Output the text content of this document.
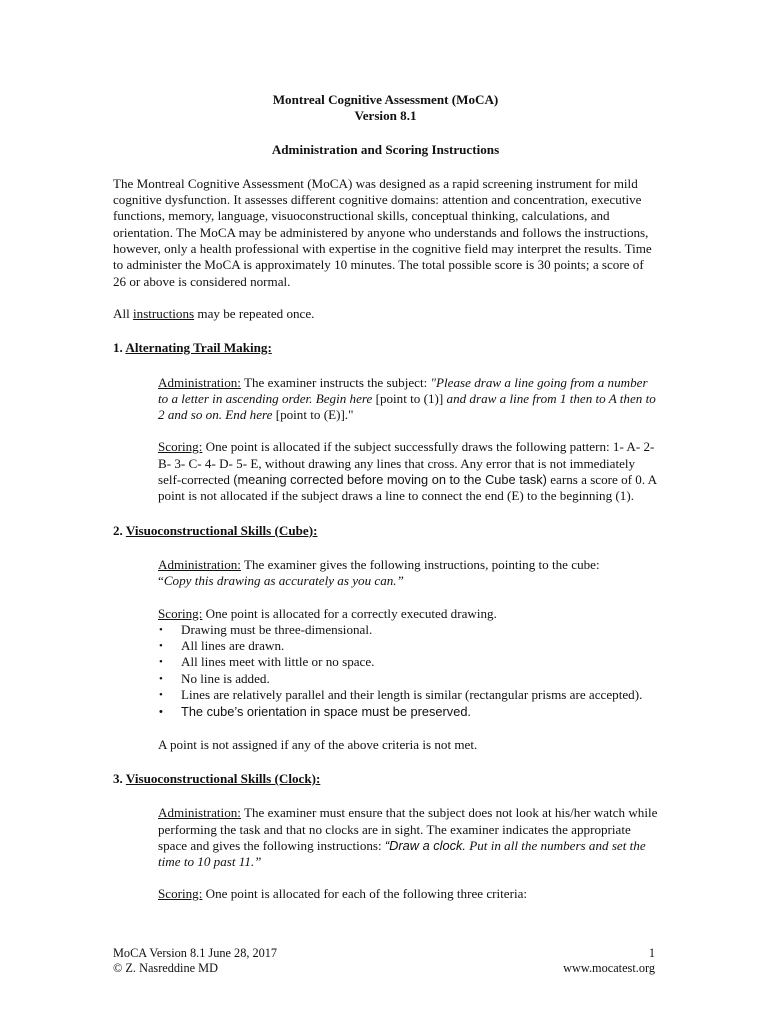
Montreal Cognitive Assessment (MoCA)

Version 8.1

Administration and Scoring Instructions

The Montreal Cognitive Assessment (MoCA) was designed as a rapid screening instrument for mild cognitive dysfunction. It assesses different cognitive domains: attention and concentration, executive functions, memory, language, visuoconstructional skills, conceptual thinking, calculations, and orientation. The MoCA may be administered by anyone who understands and follows the instructions, however, only a health professional with expertise in the cognitive field may interpret the results. Time to administer the MoCA is approximately 10 minutes. The total possible score is 30 points; a score of 26 or above is considered normal.

All instructions may be repeated once.

1. Alternating Trail Making:

Administration: The examiner instructs the subject: "Please draw a line going from a number to a letter in ascending order. Begin here [point to (1)] and draw a line from 1 then to A then to 2 and so on. End here [point to (E)]."

Scoring: One point is allocated if the subject successfully draws the following pattern: 1- A- 2- B- 3- C- 4- D- 5- E, without drawing any lines that cross. Any error that is not immediately self-corrected (meaning corrected before moving on to the Cube task) earns a score of 0. A point is not allocated if the subject draws a line to connect the end (E) to the beginning (1).

2. Visuoconstructional Skills (Cube):

Administration: The examiner gives the following instructions, pointing to the cube:
“Copy this drawing as accurately as you can.”

Scoring: One point is allocated for a correctly executed drawing.

• Drawing must be three-dimensional.
• All lines are drawn.
• All lines meet with little or no space.
• No line is added.
• Lines are relatively parallel and their length is similar (rectangular prisms are accepted).
• The cube’s orientation in space must be preserved.

A point is not assigned if any of the above criteria is not met.

3. Visuoconstructional Skills (Clock):

Administration: The examiner must ensure that the subject does not look at his/her watch while performing the task and that no clocks are in sight. The examiner indicates the appropriate space and gives the following instructions: “Draw a clock. Put in all the numbers and set the time to 10 past 11.”

Scoring: One point is allocated for each of the following three criteria:

MoCA Version 8.1 June 28, 2017
© Z. Nasreddine MD
1
www.mocatest.org
